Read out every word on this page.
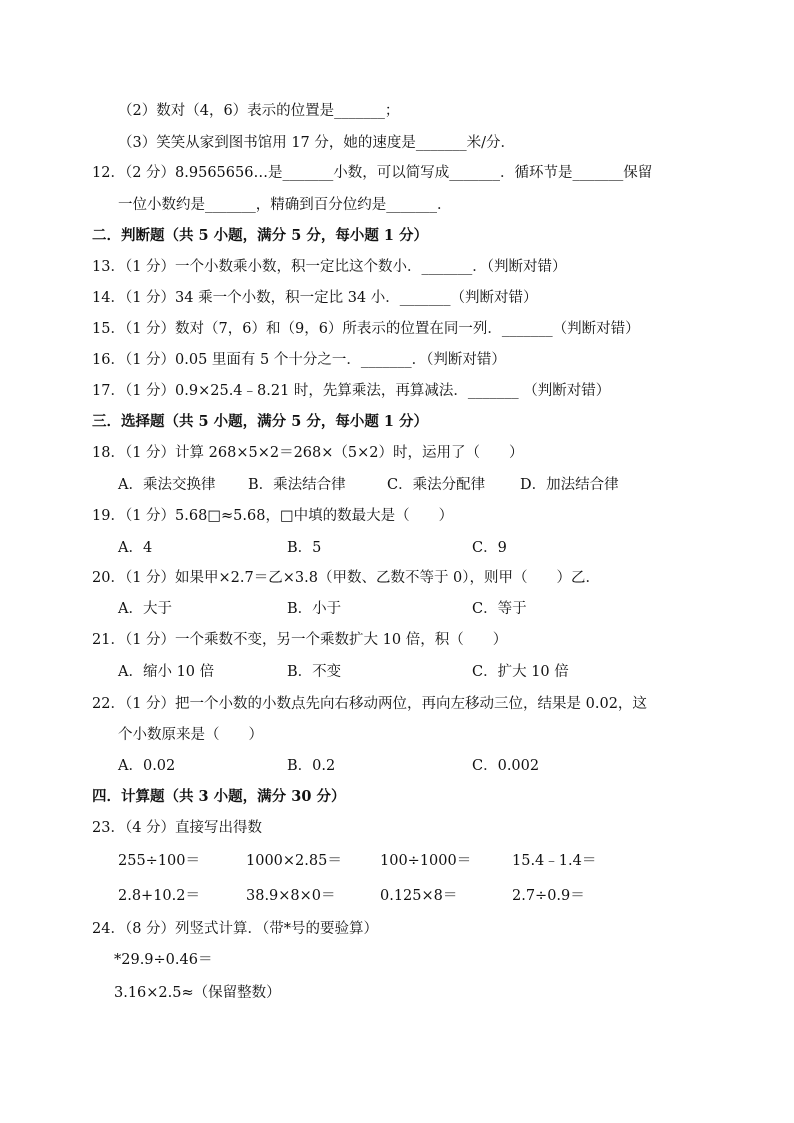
（2）数对（4，6）表示的位置是_______；
（3）笑笑从家到图书馆用 17 分，她的速度是_______米/分．
12．（2 分）8.9565656…是_______小数，可以简写成_______．循环节是_______保留
一位小数约是_______，精确到百分位约是_______．
二．判断题（共 5 小题，满分 5 分，每小题 1 分）
13．（1 分）一个小数乘小数，积一定比这个数小．_______．（判断对错）
14．（1 分）34 乘一个小数，积一定比 34 小．_______（判断对错）
15．（1 分）数对（7，6）和（9，6）所表示的位置在同一列．_______（判断对错）
16．（1 分）0.05 里面有 5 个十分之一．_______．（判断对错）
17．（1 分）0.9×25.4﹣8.21 时，先算乘法，再算减法．_______ （判断对错）
三．选择题（共 5 小题，满分 5 分，每小题 1 分）
18．（1 分）计算 268×5×2＝268×（5×2）时，运用了（　　）
A．乘法交换律 B．乘法结合律	C．乘法分配律 D．加法结合律
19．（1 分）5.68□≈5.68，□中填的数最大是（　　）
A．4	B．5	C．9
20．（1 分）如果甲×2.7＝乙×3.8（甲数、乙数不等于 0），则甲（　　）乙．
A．大于	B．小于	C．等于
21．（1 分）一个乘数不变，另一个乘数扩大 10 倍，积（　　）
A．缩小 10 倍	B．不变	C．扩大 10 倍
22．（1 分）把一个小数的小数点先向右移动两位，再向左移动三位，结果是 0.02，这
个小数原来是（　　）
A．0.02	B．0.2	C．0.002
四．计算题（共 3 小题，满分 30 分）
23．（4 分）直接写出得数
255÷100＝	1000×2.85＝	100÷1000＝	15.4﹣1.4＝
2.8+10.2＝	38.9×8×0＝	0.125×8＝	2.7÷0.9＝
24．（8 分）列竖式计算．（带*号的要验算）
*29.9÷0.46＝
3.16×2.5≈（保留整数）
